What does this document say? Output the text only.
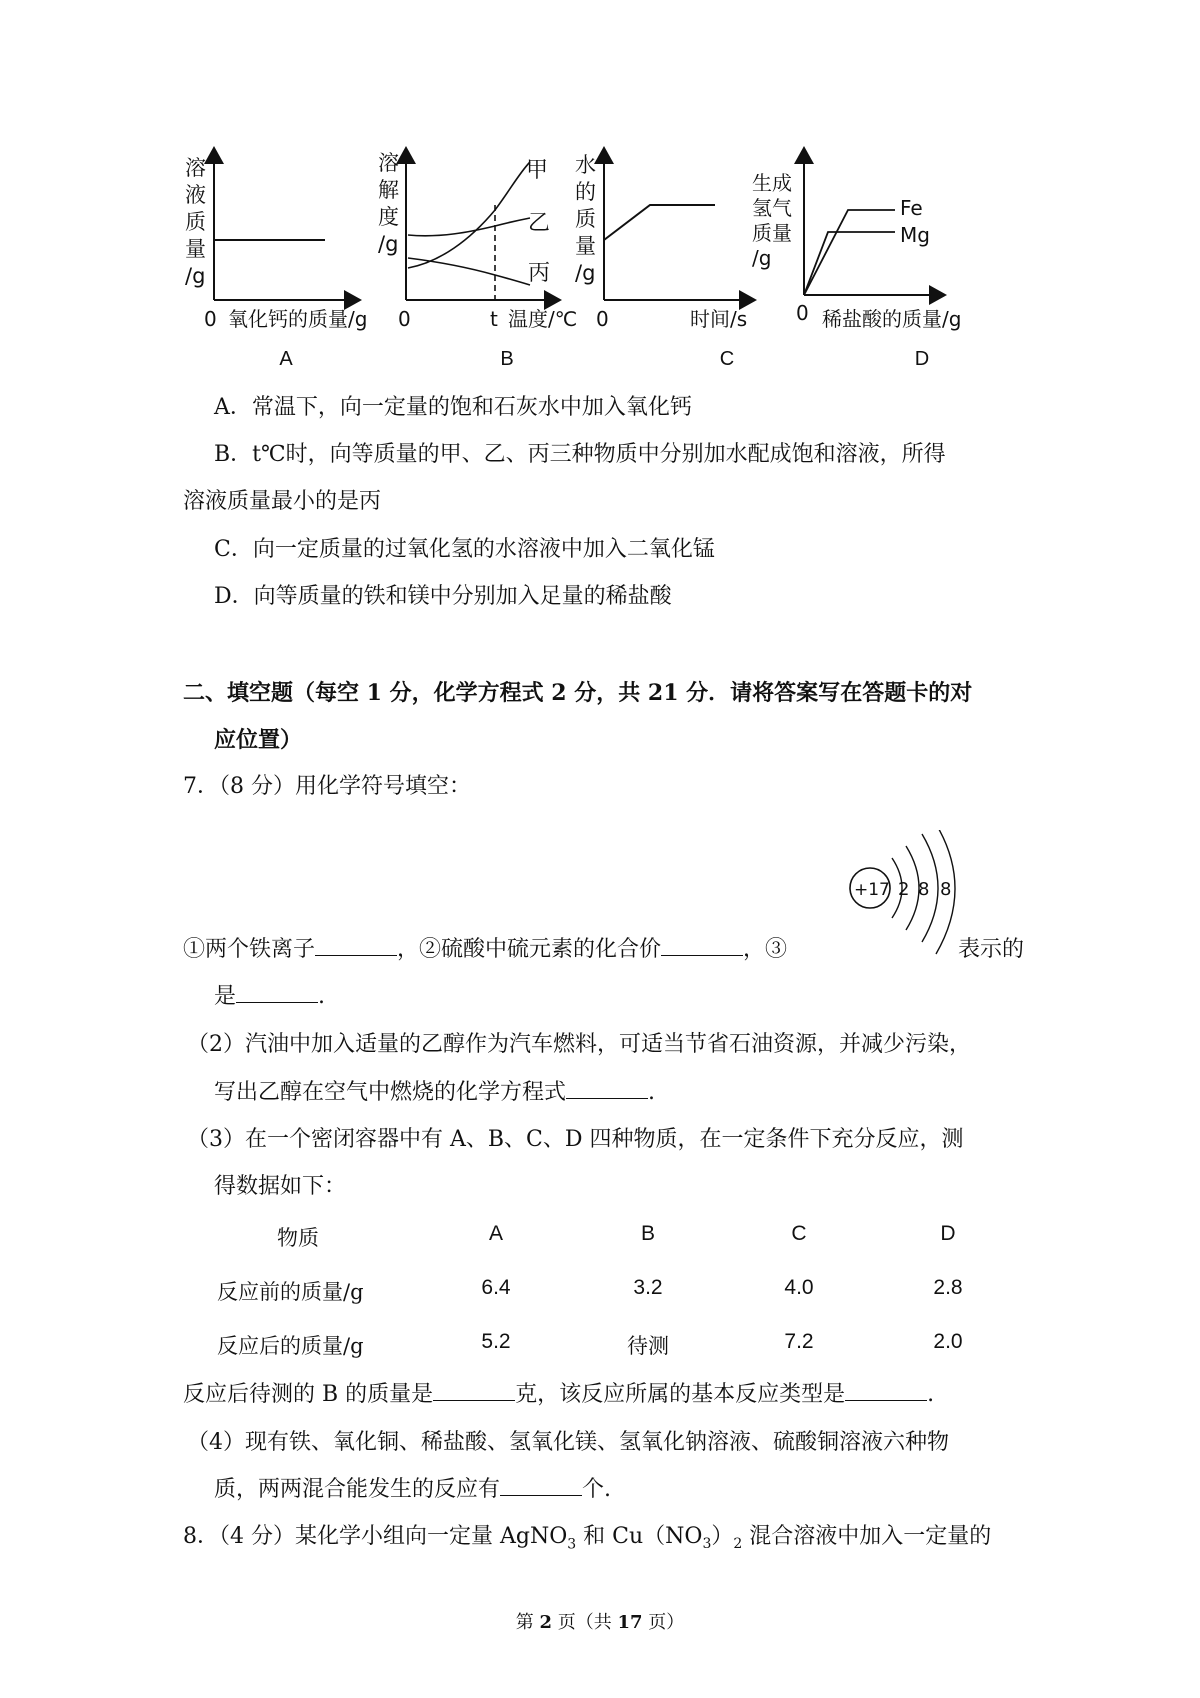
溶液质量/g
0 氧化钙的质量/g
溶解度/g
甲
乙
丙
0	t 温度/℃
水的质量/g
0	时间/s
生成氢气质量/g
Fe
Mg
0 稀盐酸的质量/g
A	B	C	D
A．常温下，向一定量的饱和石灰水中加入氧化钙
B．t℃时，向等质量的甲、乙、丙三种物质中分别加水配成饱和溶液，所得
溶液质量最小的是丙
C．向一定质量的过氧化氢的水溶液中加入二氧化锰
D．向等质量的铁和镁中分别加入足量的稀盐酸
二、填空题（每空 1 分，化学方程式 2 分，共 21 分．请将答案写在答题卡的对
应位置）
7．（8 分）用化学符号填空：
+17 2 8 8
①两个铁离子	，②硫酸中硫元素的化合价	，③	表示的
是	.
（2）汽油中加入适量的乙醇作为汽车燃料，可适当节省石油资源，并减少污染，
写出乙醇在空气中燃烧的化学方程式	.
（3）在一个密闭容器中有 A、B、C、D 四种物质，在一定条件下充分反应，测
得数据如下：
物质	A	B	C	D
反应前的质量/g	6.4	3.2	4.0	2.8
反应后的质量/g	5.2	待测	7.2	2.0
反应后待测的 B 的质量是	克，该反应所属的基本反应类型是	.
（4）现有铁、氧化铜、稀盐酸、氢氧化镁、氢氧化钠溶液、硫酸铜溶液六种物
质，两两混合能发生的反应有	个.
8．（4 分）某化学小组向一定量 AgNO$_3$ 和 $Cu(NO_3)_2$ 混合溶液中加入一定量的
第 2 页（共 17 页）
